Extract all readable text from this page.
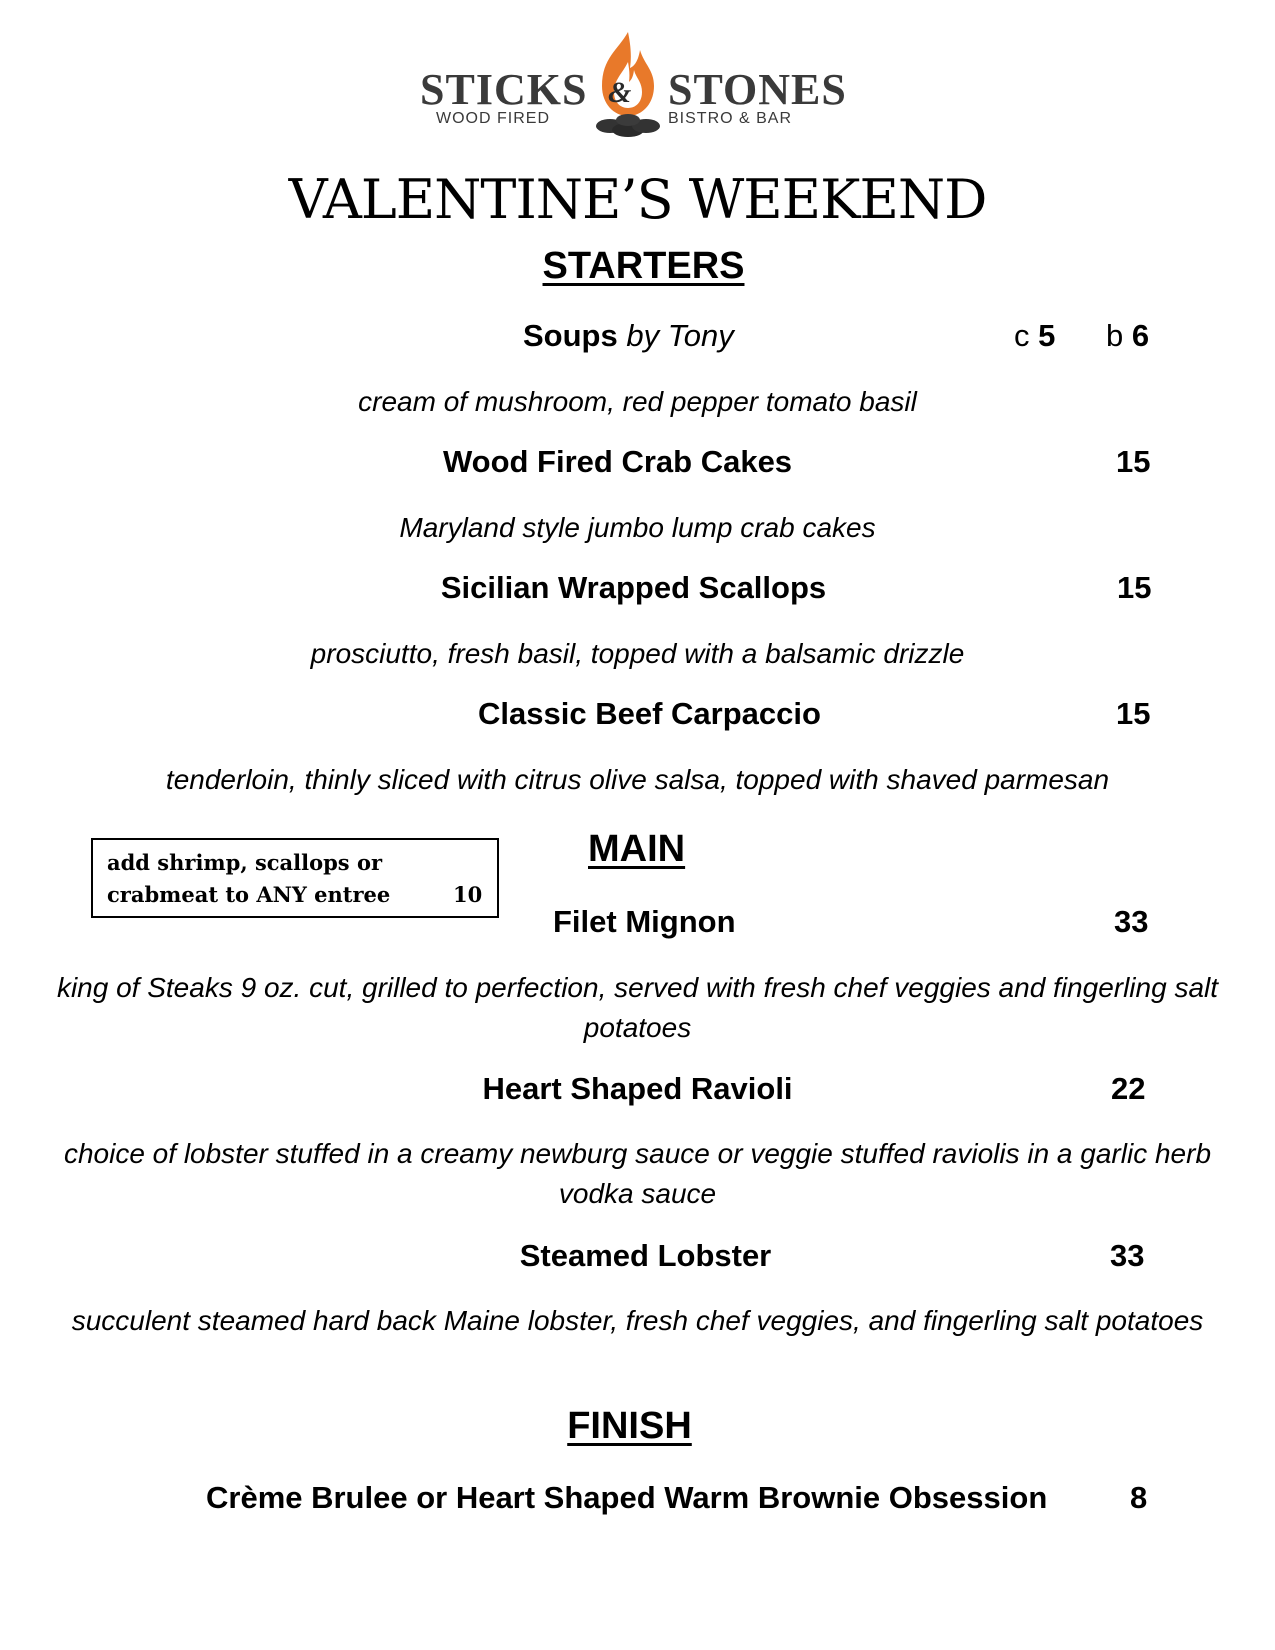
STICKS & STONES
WOOD FIRED	BISTRO & BAR
VALENTINE’S WEEKEND
STARTERS
Soups by Tony	c 5 b 6
cream of mushroom, red pepper tomato basil
Wood Fired Crab Cakes	15
Maryland style jumbo lump crab cakes
Sicilian Wrapped Scallops	15
prosciutto, fresh basil, topped with a balsamic drizzle
Classic Beef Carpaccio	15
tenderloin, thinly sliced with citrus olive salsa, topped with shaved parmesan
add shrimp, scallops or
crabmeat to ANY entree	10
MAIN
Filet Mignon	33
king of Steaks 9 oz. cut, grilled to perfection, served with fresh chef veggies and fingerling salt potatoes
Heart Shaped Ravioli	22
choice of lobster stuffed in a creamy newburg sauce or veggie stuffed raviolis in a garlic herb vodka sauce
Steamed Lobster	33
succulent steamed hard back Maine lobster, fresh chef veggies, and fingerling salt potatoes
FINISH
Crème Brulee or Heart Shaped Warm Brownie Obsession	8
